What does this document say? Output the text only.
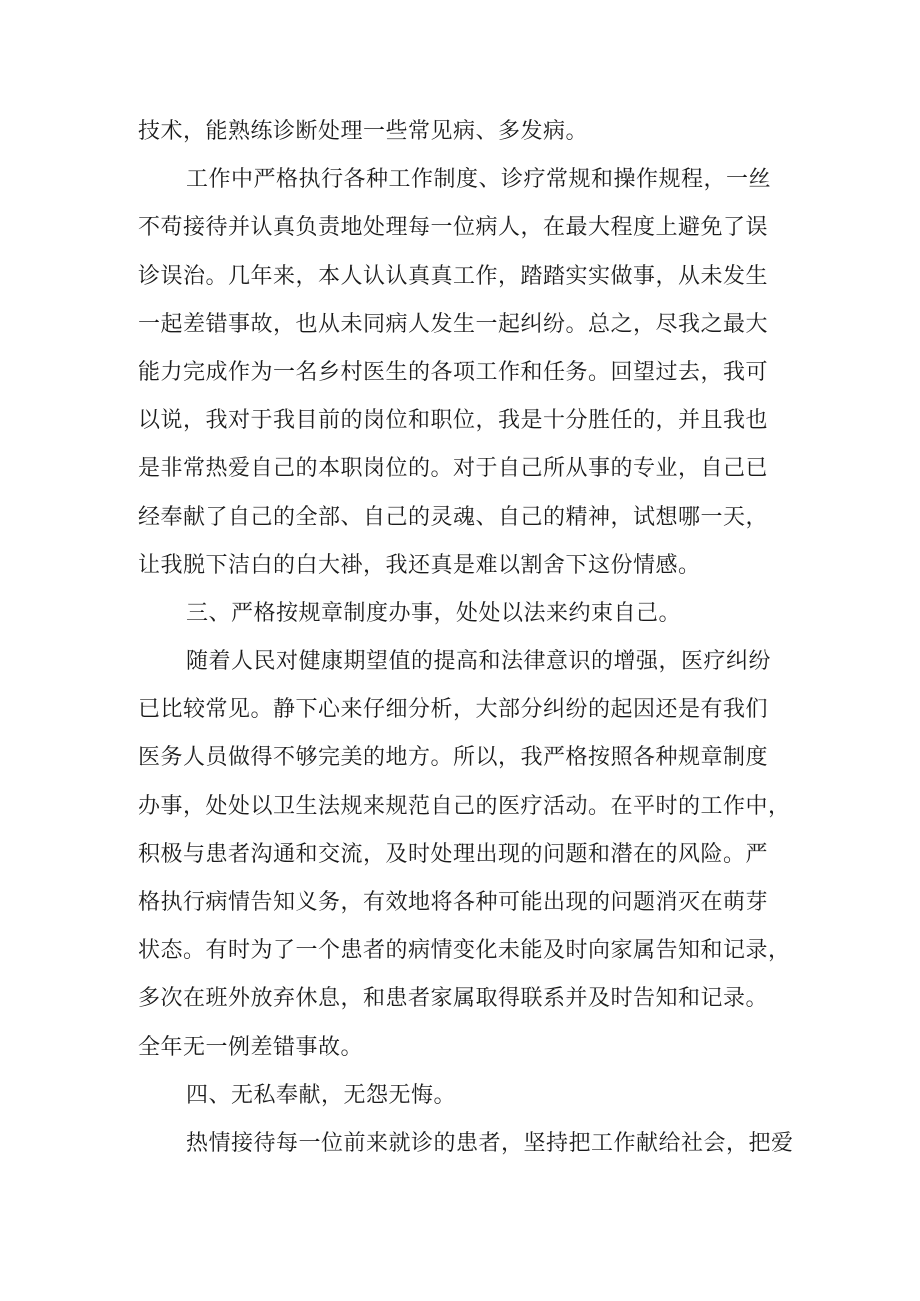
技术，能熟练诊断处理一些常见病、多发病。
工作中严格执行各种工作制度、诊疗常规和操作规程，一丝
不苟接待并认真负责地处理每一位病人，在最大程度上避免了误
诊误治。几年来，本人认认真真工作，踏踏实实做事，从未发生
一起差错事故，也从未同病人发生一起纠纷。总之，尽我之最大
能力完成作为一名乡村医生的各项工作和任务。回望过去，我可
以说，我对于我目前的岗位和职位，我是十分胜任的，并且我也
是非常热爱自己的本职岗位的。对于自己所从事的专业，自己已
经奉献了自己的全部、自己的灵魂、自己的精神，试想哪一天，
让我脱下洁白的白大褂，我还真是难以割舍下这份情感。
三、严格按规章制度办事，处处以法来约束自己。
随着人民对健康期望值的提高和法律意识的增强，医疗纠纷
已比较常见。静下心来仔细分析，大部分纠纷的起因还是有我们
医务人员做得不够完美的地方。所以，我严格按照各种规章制度
办事，处处以卫生法规来规范自己的医疗活动。在平时的工作中，
积极与患者沟通和交流，及时处理出现的问题和潜在的风险。严
格执行病情告知义务，有效地将各种可能出现的问题消灭在萌芽
状态。有时为了一个患者的病情变化未能及时向家属告知和记录，
多次在班外放弃休息，和患者家属取得联系并及时告知和记录。
全年无一例差错事故。
四、无私奉献，无怨无悔。
热情接待每一位前来就诊的患者，坚持把工作献给社会，把爱
